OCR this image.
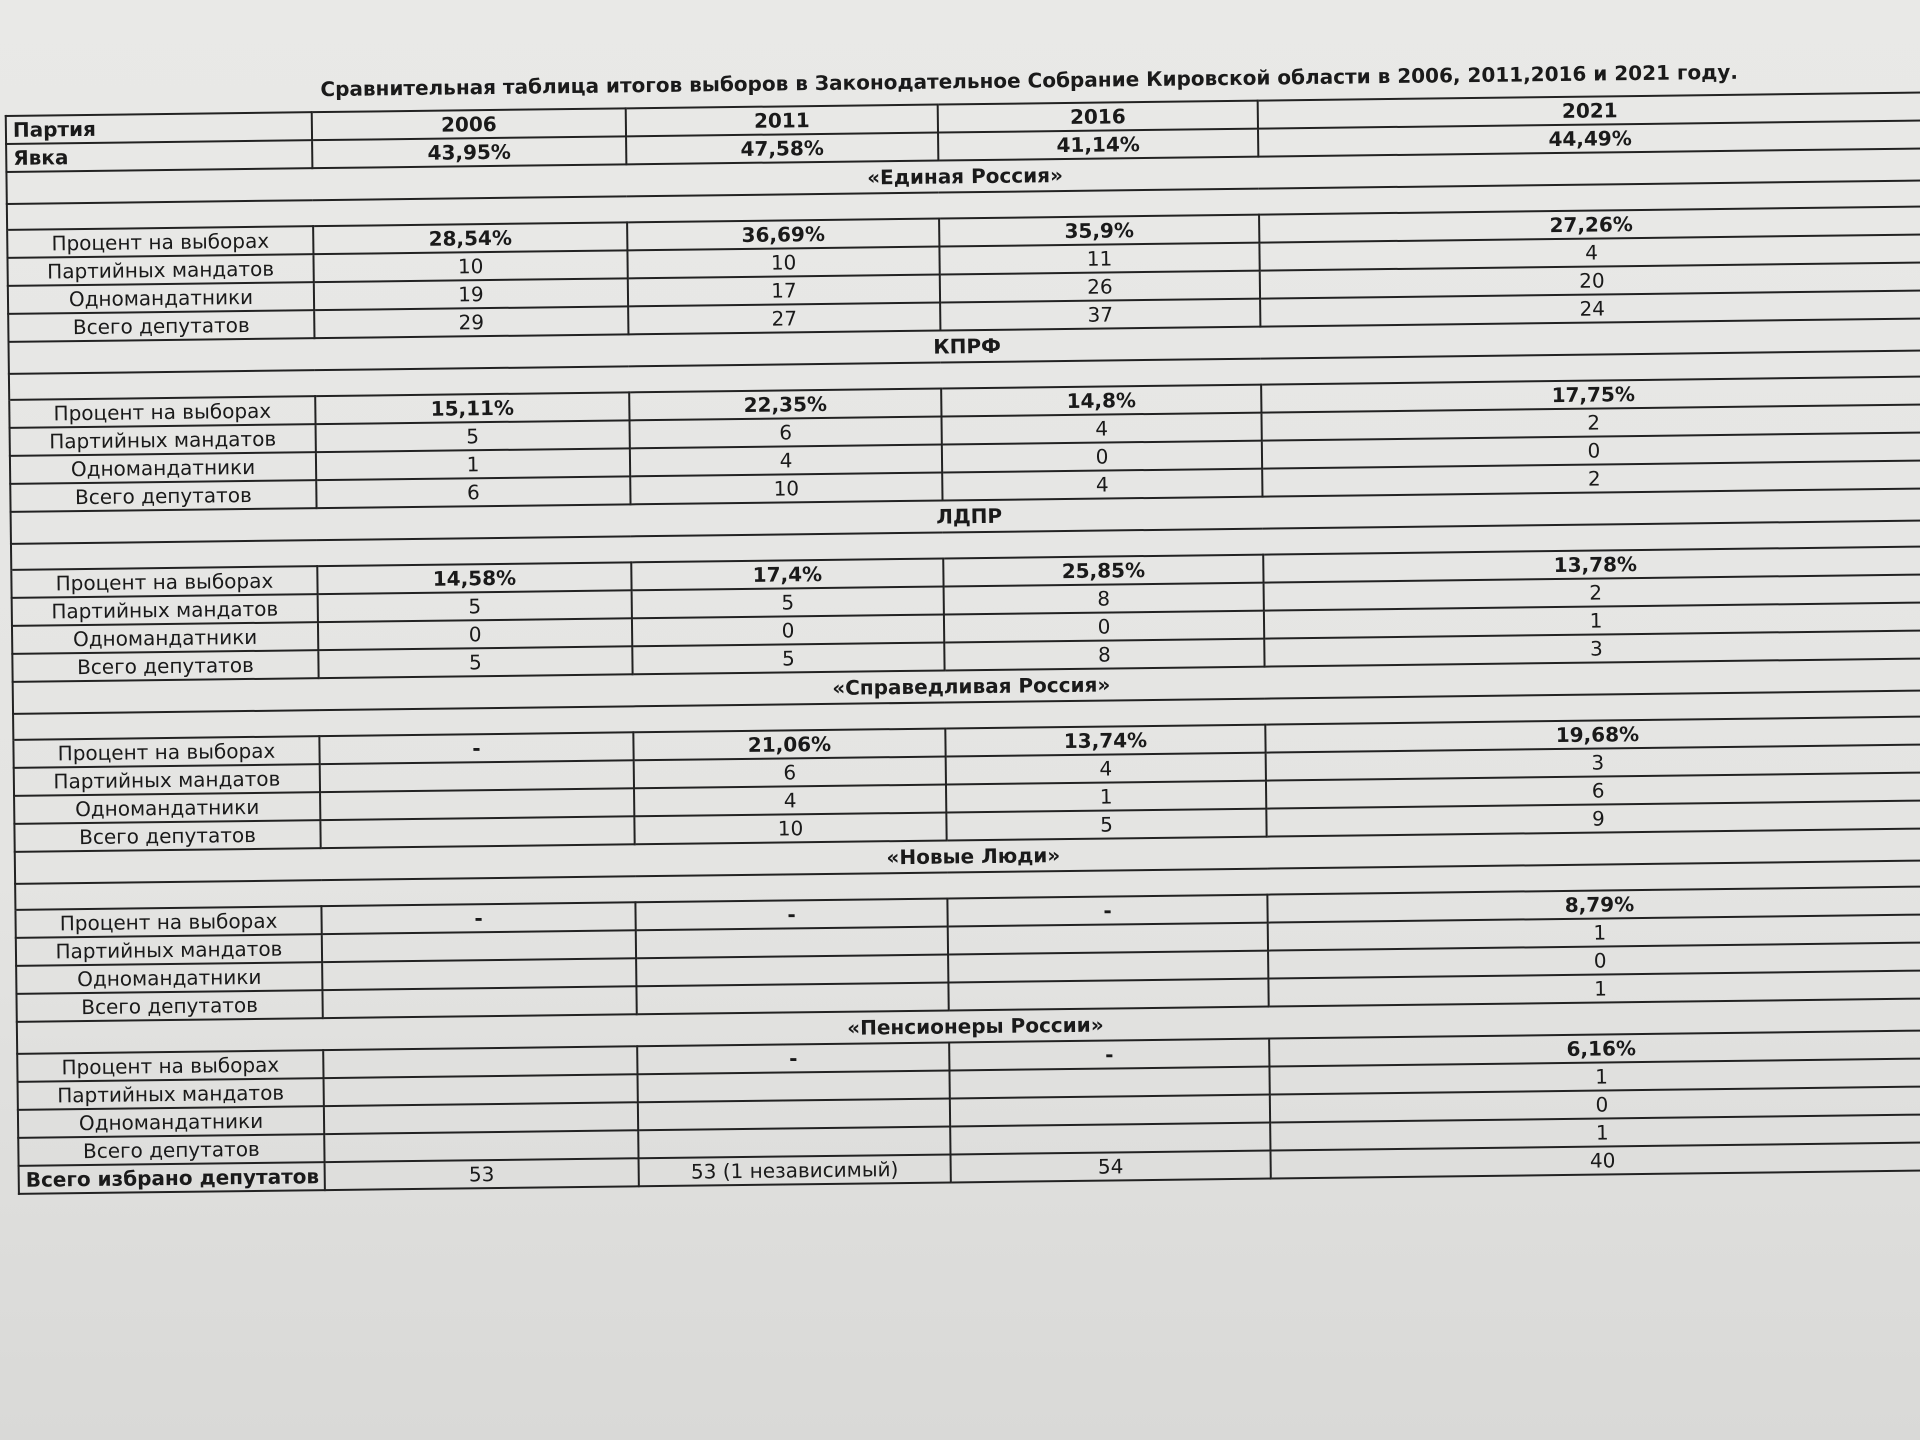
Сравнительная таблица итогов выборов в Законодательное Собрание Кировской области в 2006, 2011,2016 и 2021 году.
Партия	2006	2011	2016	2021
Явка	43,95%	47,58%	41,14%	44,49%
«Единая Россия»				

Процент на выборах	28,54%	36,69%	35,9%	27,26%
Партийных мандатов	10	10	11	4
Одномандатники	19	17	26	20
Всего депутатов	29	27	37	24
КПРФ				

Процент на выборах	15,11%	22,35%	14,8%	17,75%
Партийных мандатов	5	6	4	2
Одномандатники	1	4	0	0
Всего депутатов	6	10	4	2
ЛДПР				

Процент на выборах	14,58%	17,4%	25,85%	13,78%
Партийных мандатов	5	5	8	2
Одномандатники	0	0	0	1
Всего депутатов	5	5	8	3
«Справедливая Россия»				

Процент на выборах	-	21,06%	13,74%	19,68%
Партийных мандатов		6	4	3
Одномандатники		4	1	6
Всего депутатов		10	5	9
«Новые Люди»				

Процент на выборах	-	-	-	8,79%
Партийных мандатов				1
Одномандатники				0
Всего депутатов				1
«Пенсионеры России»				
Процент на выборах		-	-	6,16%
Партийных мандатов				1
Одномандатники				0
Всего депутатов				1
Всего избрано депутатов	53	53 (1 независимый)	54	40
